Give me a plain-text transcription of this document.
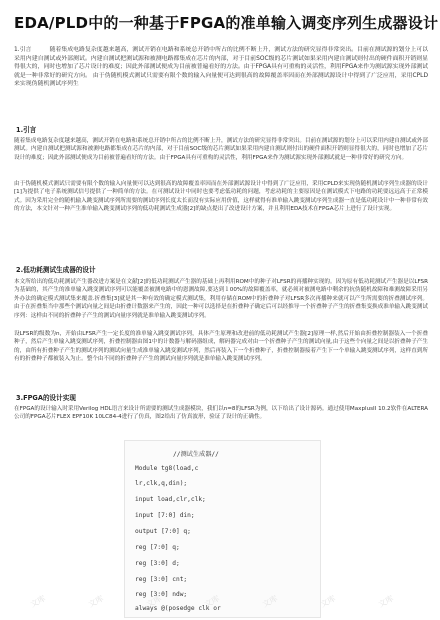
EDA/PLD中的一种基于FPGA的准单输入调变序列生成器设计
1.引言	随着集成电路复杂度越来越高，测试开销在电路和系统总开销中所占的比例不断上升，测试方法的研究显得非常突出。目前在测试源的划分上可以采用内建自测试或外部测试。内建自测试把测试源和被测电路都集成在芯片的内部，对于目前SOC级的芯片测试如果采用内建自测试则付出的硬件面积开销则显得很大的，同时也增加了芯片设计的难度；因此外部测试便成为目前被普遍看好的方法。由于FPGA具有可重构的灵活性，利用FPGA来作为测试源实现外部测试就是一种非常好的研究方向。 由于伪随机模式测试只需要有限个数的输入向量便可达到很高的故障覆盖率因而在外部测试源设计中得到了广泛应用，采用CPLD来实现伪随机测试序列生
1.引言
随着集成电路复杂度越来越高，测试开销在电路和系统总开销中所占的比例不断上升，测试方法的研究显得非常突出。目前在测试源的划分上可以采用内建自测试或外部测试。内建自测试把测试源和被测电路都集成在芯片的内部，对于目前SOC级的芯片测试如果采用内建自测试则付出的硬件面积开销则显得很大的，同时也增加了芯片设计的难度；因此外部测试便成为目前被普遍看好的方法。由于FPGA具有可重构的灵活性，利用FPGA来作为测试源实现外部测试就是一种非常好的研究方向。
由于伪随机模式测试只需要有限个数的输入向量便可以达到很高的故障覆盖率因而在外部测试源设计中得到了广泛应用，采用CPLD来实现伪随机测试序列生成器的设计[1]为提供了电子系统测试信号提供了一种简单的方法。在可测试设计中同时也要考虑低功耗的问题，考虑功耗的主要原因是在测试模式下电路的功耗要远远高于正常模式。因为采用完全的随机输入跳变测试序列所需要的测试序列长度太长而没有实际应用价值，这样就得有准单输入跳变测试序列生成器一直是低功耗设计中一种非常有效的方法，本文针对一种产生准单输入跳变测试序列的低功耗测试生成器[2]的缺点提出了改进设计方案，并且利用EDA技术在FPGA芯片上进行了设计实现。
2.低功耗测试生成器的设计
本文所给出的低功耗测试产生器改进方案是在文献[2]的低功耗测试产生器的基础上再利用ROM中的种子对LFSR的再播种实现的。因为原有低功耗测试产生器是以LFSR为基础的，其产生的准单输入跳变测试序列可以能覆盖被测电路中的恩测故障,要达到１00%的故障覆盖率，就必须对被测电路中剩余的抗伪随机故障和难测故障采用另外办法的确定模式测试集来覆盖.折叠集[3]就是其一种有效的确定模式测试集，利用存储在ROM中的折叠种子对LFSR多次再播种来就可以产生所需要的折叠测试序列。由于在折叠集当中那些个测试向量之间是由折叠计数器来产生的，因此一种可以选择是在折叠种子确定后可以经推导一个折叠种子产生的折叠集变换成准单输入跳变测试序列：这样由不同的折叠种子产生的测试向量序列就是准单输入跳变测试序列。
设LFSR的级数为n，开始由LFSR产生一定长度的准单输入跳变测试序列，具体产生原理和改进前的低功耗测试产生器[2]原理一样,然后开始由折叠控制器装入一个折叠种子，然后产生单输入跳变测试序列，折叠控制器由图1中的计数器与解码器组成，解码器完成对由一个折叠种子产生的测试向量,由于这些个向量之间是以折叠种子产生的，由所有折叠种子产生的测试序列的测试向量生成准单输入跳变测试序列，然后再装入下一个折叠种子，折叠控制器接着产生下一个单输入跳变测试序列，这样直到所有的折叠种子都被装入为止。整个由不同的折叠种子产生的测试向量序列就是准单输入跳变测试序列。
3.FPGA的设计实现
在FPGA的设计输入时采用Verilog HDL语言来设计所需要的测试生成器模块，我们以n=8的LFSR为例，以下给出了设计源码。通过使用MaxplusII 10.2软件在ALTERA公司的FPGA芯片FLEX EPF10K 10LC84-4进行了仿真，图2给出了仿真波形，验证了设计的正确性。
//测试生成器//
Module tg8(load,c
lr,clk,q,din);
input load,clr,clk;
input [7:0] din;
output [7:0] q;
reg [7:0] q;
reg [3:0] d;
reg [3:0] cnt;
reg [3:0] ndw;
always @(posedge clk or
文库	文库	文库	文库	文库	文库	文库
